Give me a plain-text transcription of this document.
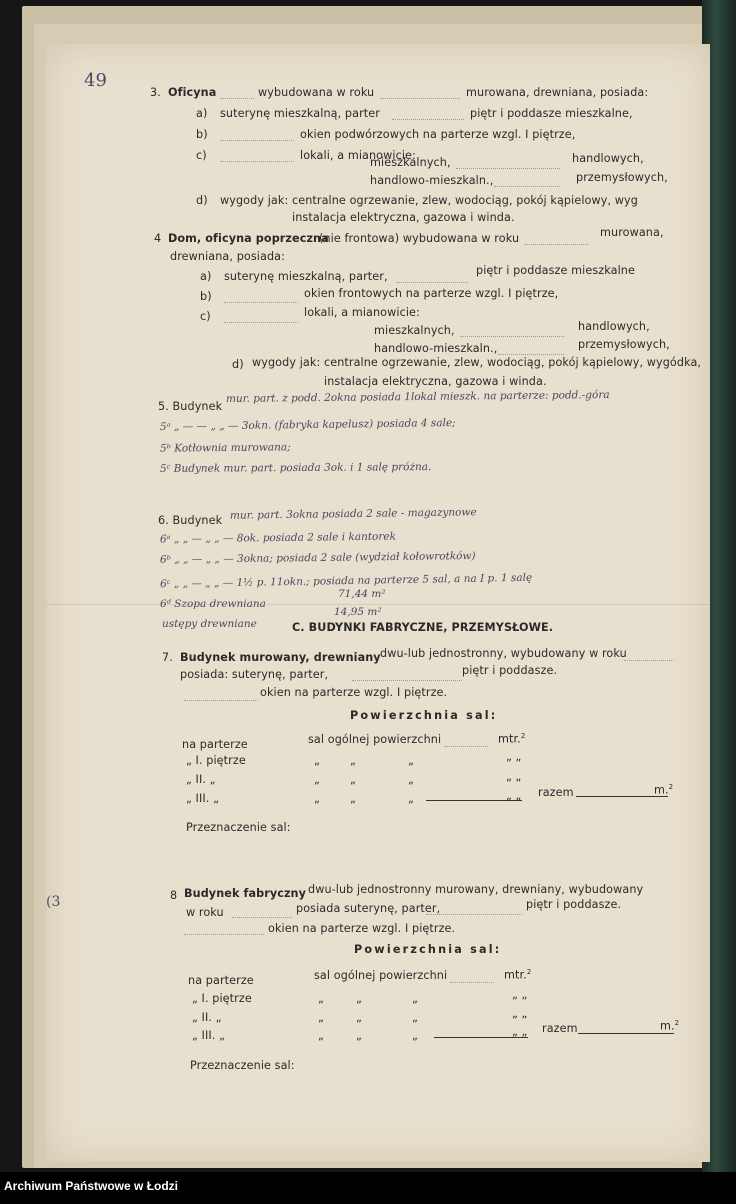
49
(3
3. Oficyna	wybudowana w roku	murowana, drewniana, posiada:
a) suterynę mieszkalną, parter	piętr i poddasze mieszkalne,
b)	okien podwórzowych na parterze wzgl. I piętrze,
c)	lokali, a mianowicie:
mieszkalnych,	handlowych,
handlowo-mieszkaln.,	przemysłowych,
d) wygody jak: centralne ogrzewanie, zlew, wodociąg, pokój kąpielowy, wyg
instalacja elektryczna, gazowa i winda.
4 Dom, oficyna poprzeczna
(nie frontowa) wybudowana w roku	murowana,
drewniana, posiada:
a) suterynę mieszkalną, parter,	piętr i poddasze mieszkalne
b)	okien frontowych na parterze wzgl. I piętrze,
c)	lokali, a mianowicie:
mieszkalnych,	handlowych,
handlowo-mieszkaln.,	przemysłowych,
d) wygody jak: centralne ogrzewanie, zlew, wodociąg, pokój kąpielowy, wygódka,
instalacja elektryczna, gazowa i winda.
5. Budynek
mur. part. z podd. 2okna posiada 1lokal mieszk. na parterze: podd.-góra
5ᵃ „ — — „ „ — 3okn. (fabryka kapelusz) posiada 4 sale;
5ᵇ Kotłownia murowana;
5ᶜ Budynek mur. part. posiada 3ok. i 1 salę próżna.
6. Budynek mur. part. 3okna posiada 2 sale - magazynowe
6ᵃ „ „ — „ „ — 8ok. posiada 2 sale i kantorek
6ᵇ „ „ — „ „ — 3okna; posiada 2 sale (wydział kołowrotków)
6ᶜ „ „ — „ „ — 1½ p. 11okn.; posiada na parterze 5 sal, a na I p. 1 salę
6ᵈ Szopa drewniana
ustępy drewniane
71,44 m²
14,95 m²
C. BUDYNKI FABRYCZNE, PRZEMYSŁOWE.
7. Budynek murowany, drewniany dwu-lub jednostronny, wybudowany w roku
posiada: suterynę, parter,	piętr i poddasze.
okien na parterze wzgl. I piętrze.
Powierzchnia sal:
na parterze	sal ogólnej powierzchni	mtr.$^2$
„ I. piętrze	„	„	„	„ „
„ II. „	„	„	„	„ „
„ III. „	„	„	„	„ „ razem	m.$^2$
Przeznaczenie sal:
8 Budynek fabryczny dwu-lub jednostronny murowany, drewniany, wybudowany
w roku	posiada suterynę, parter,	piętr i poddasze.
okien na parterze wzgl. I piętrze.
Powierzchnia sal:
na parterze	sal ogólnej powierzchni	mtr.$^2$
„ I. piętrze	„	„	„	„ „
„ II. „	„	„	„	„ „
„ III. „	„	„	„	„ „ razem	m.$^2$
Przeznaczenie sal:
Archiwum Państwowe w Łodzi
